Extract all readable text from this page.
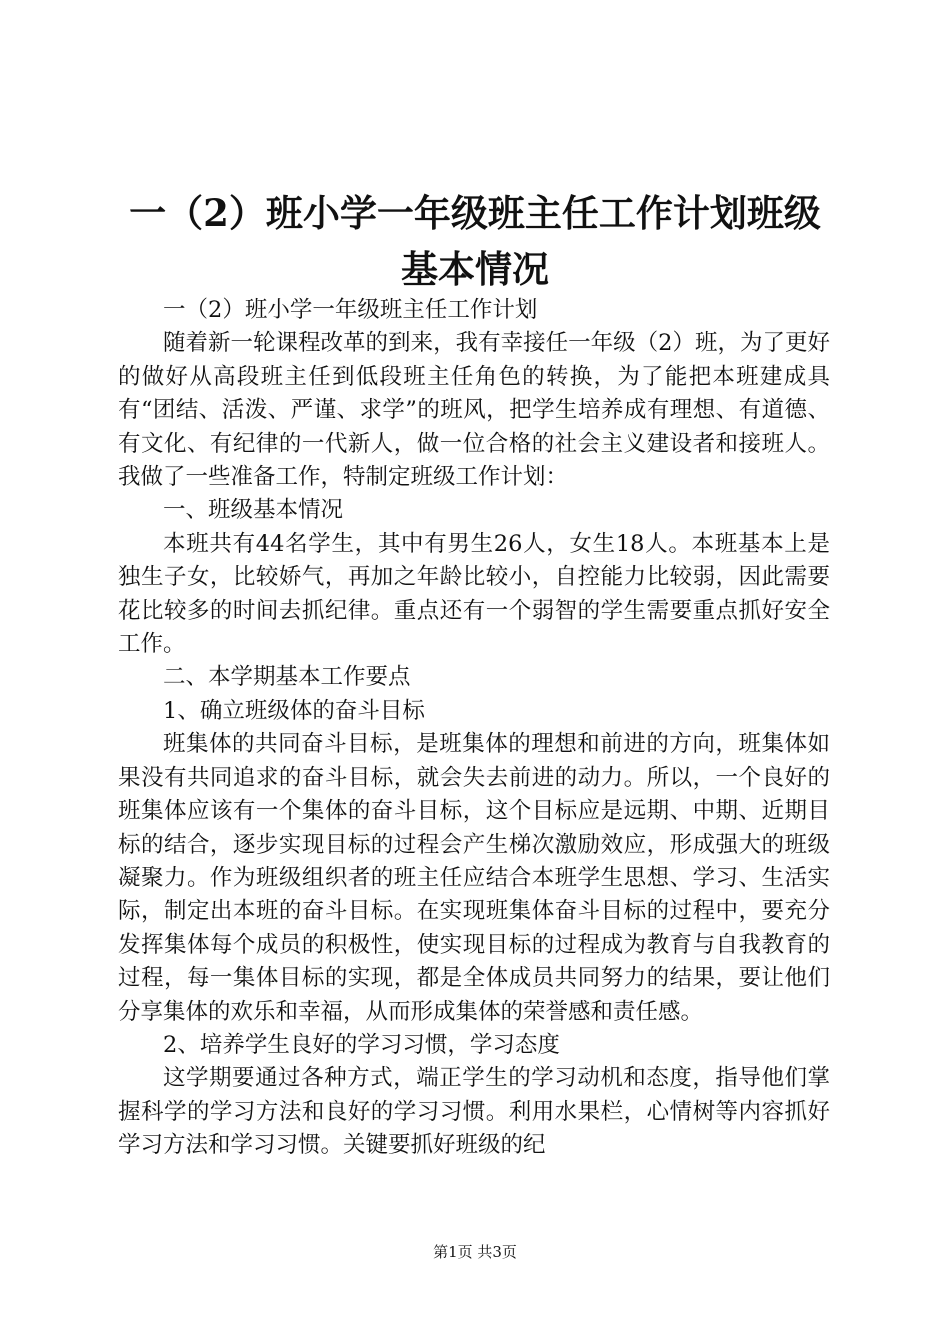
一（2）班小学一年级班主任工作计划班级基本情况

一（2）班小学一年级班主任工作计划

随着新一轮课程改革的到来，我有幸接任一年级（2）班，为了更好的做好从高段班主任到低段班主任角色的转换，为了能把本班建成具有“团结、活泼、严谨、求学”的班风，把学生培养成有理想、有道德、有文化、有纪律的一代新人，做一位合格的社会主义建设者和接班人。我做了一些准备工作，特制定班级工作计划：

一、班级基本情况

本班共有44名学生，其中有男生26人，女生18人。本班基本上是独生子女，比较娇气，再加之年龄比较小，自控能力比较弱，因此需要花比较多的时间去抓纪律。重点还有一个弱智的学生需要重点抓好安全工作。

二、本学期基本工作要点

1、确立班级体的奋斗目标

班集体的共同奋斗目标，是班集体的理想和前进的方向，班集体如果没有共同追求的奋斗目标，就会失去前进的动力。所以，一个良好的班集体应该有一个集体的奋斗目标，这个目标应是远期、中期、近期目标的结合，逐步实现目标的过程会产生梯次激励效应，形成强大的班级凝聚力。作为班级组织者的班主任应结合本班学生思想、学习、生活实际，制定出本班的奋斗目标。在实现班集体奋斗目标的过程中，要充分发挥集体每个成员的积极性，使实现目标的过程成为教育与自我教育的过程，每一集体目标的实现，都是全体成员共同努力的结果，要让他们分享集体的欢乐和幸福，从而形成集体的荣誉感和责任感。

2、培养学生良好的学习习惯，学习态度

这学期要通过各种方式，端正学生的学习动机和态度，指导他们掌握科学的学习方法和良好的学习习惯。利用水果栏，心情树等内容抓好学习方法和学习习惯。关键要抓好班级的纪

第1页 共3页
